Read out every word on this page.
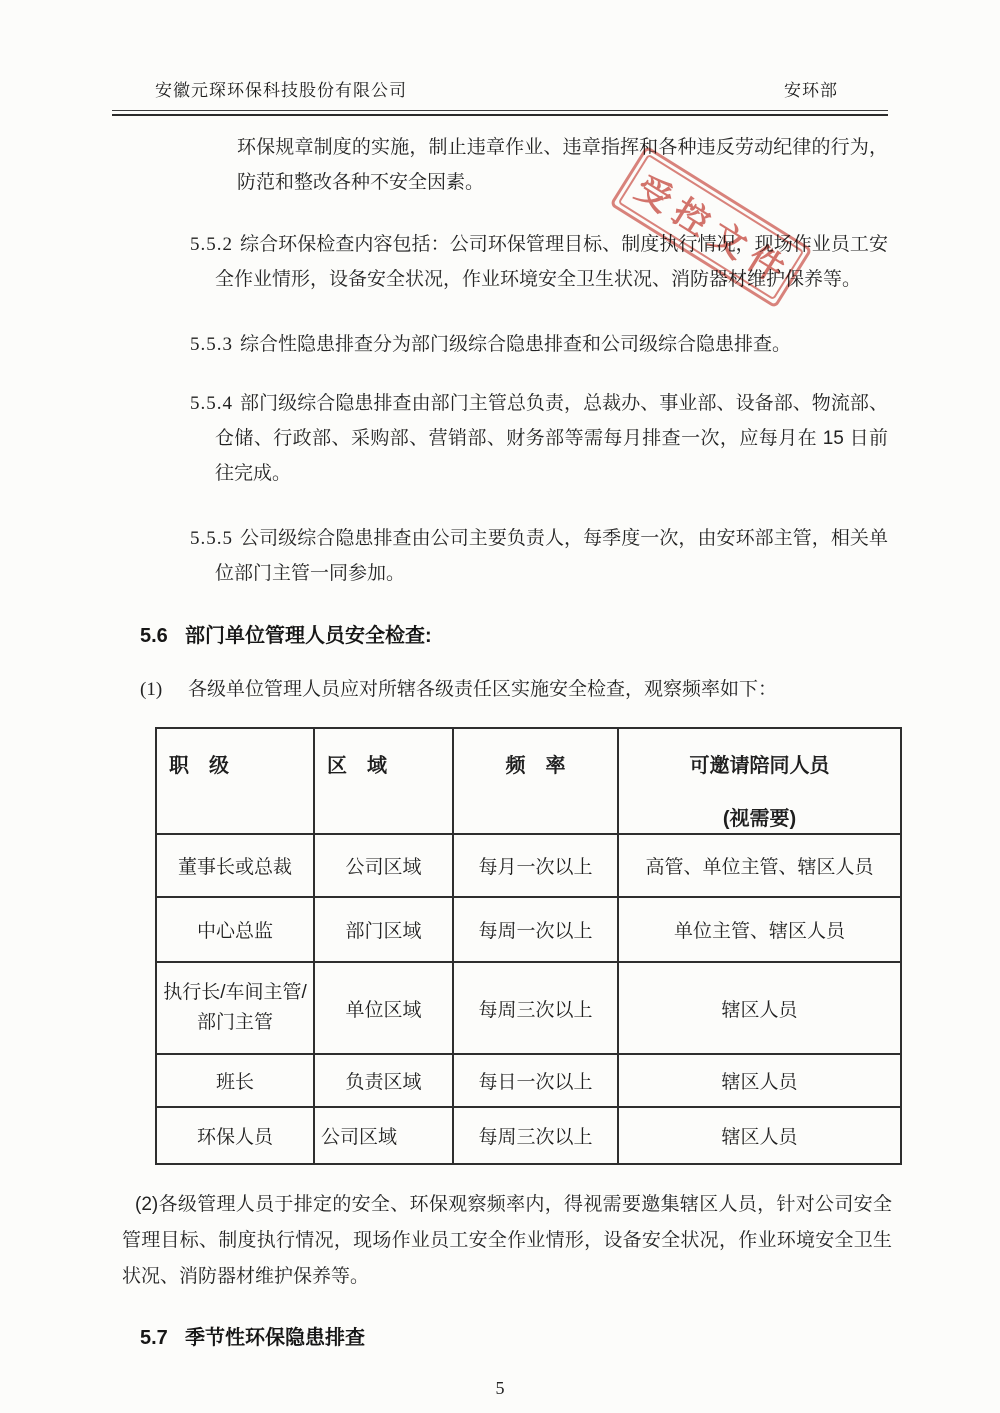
安徽元琛环保科技股份有限公司	安环部
受控文件
环保规章制度的实施，制止违章作业、违章指挥和各种违反劳动纪律的行为，防范和整改各种不安全因素。
5.5.2 综合环保检查内容包括：公司环保管理目标、制度执行情况，现场作业员工安全作业情形，设备安全状况，作业环境安全卫生状况、消防器材维护保养等。
5.5.3 综合性隐患排查分为部门级综合隐患排查和公司级综合隐患排查。
5.5.4 部门级综合隐患排查由部门主管总负责，总裁办、事业部、设备部、物流部、仓储、行政部、采购部、营销部、财务部等需每月排查一次，应每月在 15 日前往完成。
5.5.5 公司级综合隐患排查由公司主要负责人，每季度一次，由安环部主管，相关单位部门主管一同参加。
5.6 部门单位管理人员安全检查:
(1) 各级单位管理人员应对所辖各级责任区实施安全检查，观察频率如下：
职　级	区　域	频　率	可邀请陪同人员
(视需要)

董事长或总裁	公司区域	每月一次以上	高管、单位主管、辖区人员
中心总监	部门区域	每周一次以上	单位主管、辖区人员
执行长/车间主管/部门主管	单位区域	每周三次以上	辖区人员
班长	负责区域	每日一次以上	辖区人员
环保人员	公司区域	每周三次以上	辖区人员
(2)各级管理人员于排定的安全、环保观察频率内，得视需要邀集辖区人员，针对公司安全管理目标、制度执行情况，现场作业员工安全作业情形，设备安全状况，作业环境安全卫生状况、消防器材维护保养等。
5.7 季节性环保隐患排查
5
